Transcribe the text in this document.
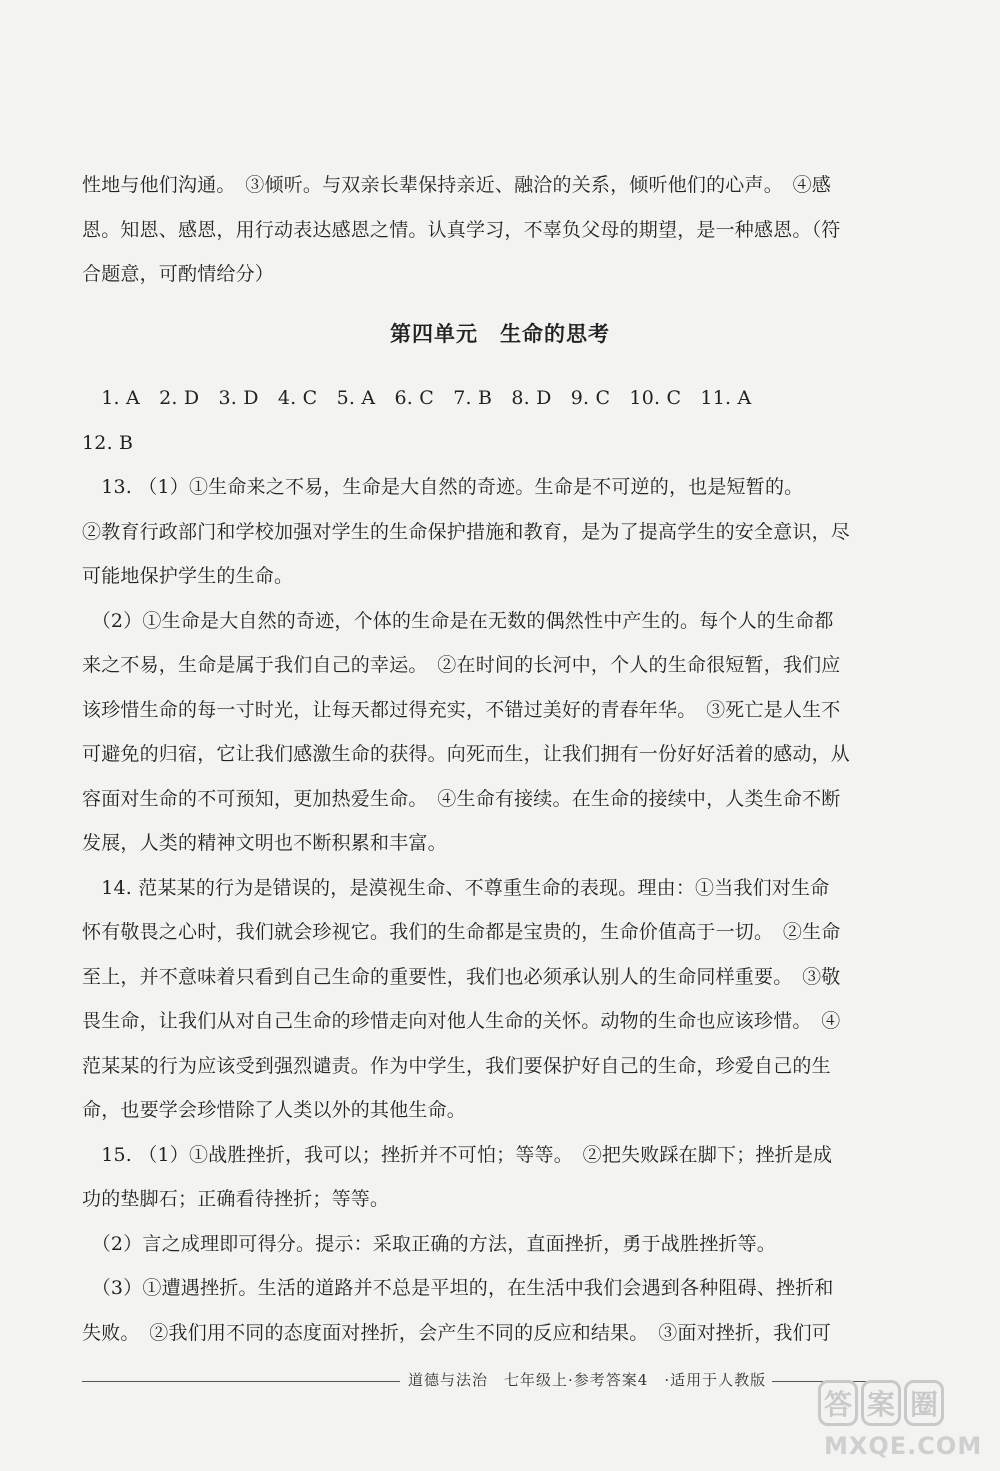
性地与他们沟通。　③倾听。与双亲长辈保持亲近、融洽的关系，倾听他们的心声。　④感
恩。知恩、感恩，用行动表达感恩之情。认真学习，不辜负父母的期望，是一种感恩。（符
合题意，可酌情给分）
第四单元　生命的思考
　1. A　2. D　3. D　4. C　5. A　6. C　7. B　8. D　9. C　10. C　11. A
12. B
　13. （1）①生命来之不易，生命是大自然的奇迹。生命是不可逆的，也是短暂的。
②教育行政部门和学校加强对学生的生命保护措施和教育，是为了提高学生的安全意识，尽
可能地保护学生的生命。
　（2）①生命是大自然的奇迹，个体的生命是在无数的偶然性中产生的。每个人的生命都
来之不易，生命是属于我们自己的幸运。　②在时间的长河中，个人的生命很短暂，我们应
该珍惜生命的每一寸时光，让每天都过得充实，不错过美好的青春年华。　③死亡是人生不
可避免的归宿，它让我们感激生命的获得。向死而生，让我们拥有一份好好活着的感动，从
容面对生命的不可预知，更加热爱生命。　④生命有接续。在生命的接续中，人类生命不断
发展，人类的精神文明也不断积累和丰富。
　14. 范某某的行为是错误的，是漠视生命、不尊重生命的表现。理由：①当我们对生命
怀有敬畏之心时，我们就会珍视它。我们的生命都是宝贵的，生命价值高于一切。　②生命
至上，并不意味着只看到自己生命的重要性，我们也必须承认别人的生命同样重要。　③敬
畏生命，让我们从对自己生命的珍惜走向对他人生命的关怀。动物的生命也应该珍惜。　④
范某某的行为应该受到强烈谴责。作为中学生，我们要保护好自己的生命，珍爱自己的生
命，也要学会珍惜除了人类以外的其他生命。
　15. （1）①战胜挫折，我可以；挫折并不可怕；等等。　②把失败踩在脚下；挫折是成
功的垫脚石；正确看待挫折；等等。
　（2）言之成理即可得分。提示：采取正确的方法，直面挫折，勇于战胜挫折等。
　（3）①遭遇挫折。生活的道路并不总是平坦的，在生活中我们会遇到各种阻碍、挫折和
失败。　②我们用不同的态度面对挫折，会产生不同的反应和结果。　③面对挫折，我们可
道德与法治　七年级上·参考答案4　·适用于人教版
答 案 圈
MXQE.COM
